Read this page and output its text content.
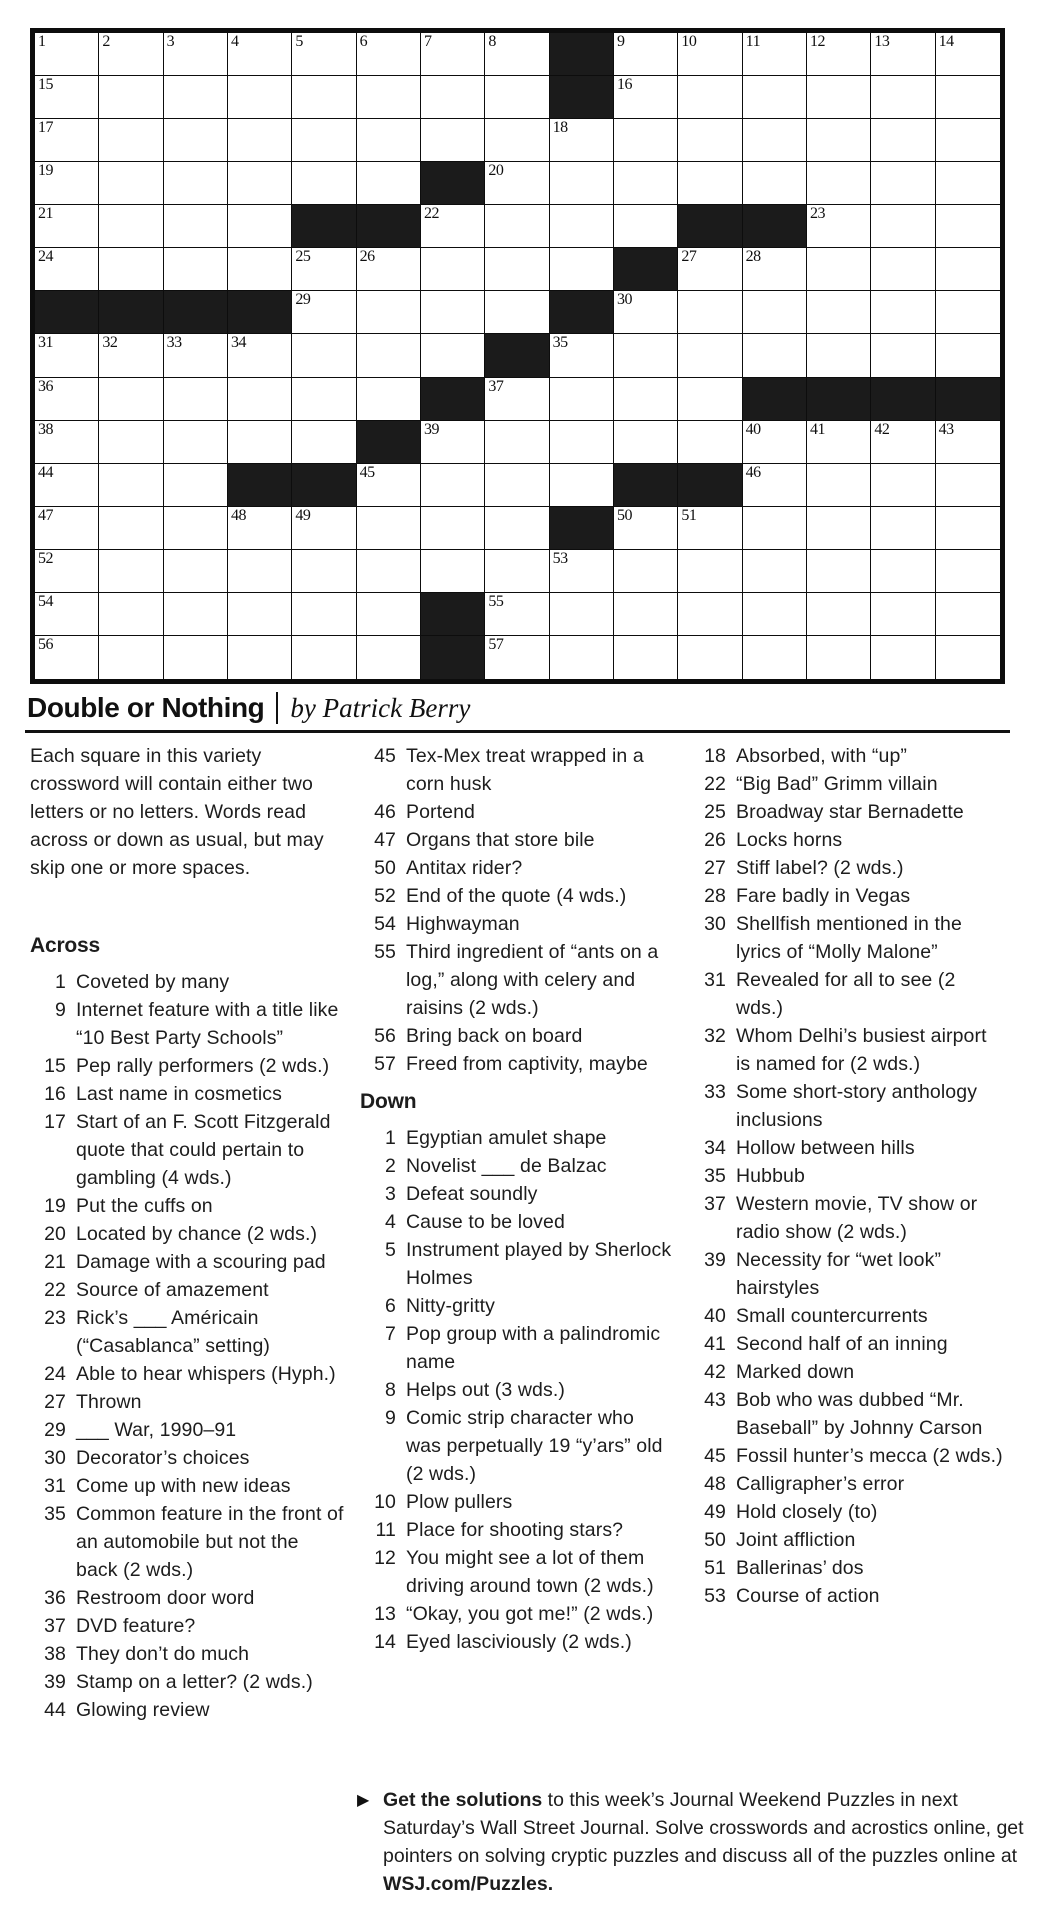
1	2	3	4	5	6	7	8	9	10	11	12	13	14
15	16
17	18
19	20
21	22	23
24	25	26	27	28
29	30
31	32	33	34	35
36	37
38	39	40	41	42	43
44	45	46
47	48	49	50	51
52	53
54	55
56	57
Double or Nothing by Patrick Berry

Each square in this variety crossword will contain either two letters or no letters. Words read across or down as usual, but may skip one or more spaces.

Across
1 Coveted by many
9 Internet feature with a title like “10 Best Party Schools”
15 Pep rally performers (2 wds.)
16 Last name in cosmetics
17 Start of an F. Scott Fitzgerald quote that could pertain to gambling (4 wds.)
19 Put the cuffs on
20 Located by chance (2 wds.)
21 Damage with a scouring pad
22 Source of amazement
23 Rick’s ___ Américain (“Casablanca” setting)
24 Able to hear whispers (Hyph.)
27 Thrown
29 ___ War, 1990–91
30 Decorator’s choices
31 Come up with new ideas
35 Common feature in the front of an automobile but not the back (2 wds.)
36 Restroom door word
37 DVD feature?
38 They don’t do much
39 Stamp on a letter? (2 wds.)
44 Glowing review
45 Tex-Mex treat wrapped in a corn husk
46 Portend
47 Organs that store bile
50 Antitax rider?
52 End of the quote (4 wds.)
54 Highwayman
55 Third ingredient of “ants on a log,” along with celery and raisins (2 wds.)
56 Bring back on board
57 Freed from captivity, maybe
Down
1 Egyptian amulet shape
2 Novelist ___ de Balzac
3 Defeat soundly
4 Cause to be loved
5 Instrument played by Sherlock Holmes
6 Nitty-gritty
7 Pop group with a palindromic name
8 Helps out (3 wds.)
9 Comic strip character who was perpetually 19 “y’ars” old (2 wds.)
10 Plow pullers
11 Place for shooting stars?
12 You might see a lot of them driving around town (2 wds.)
13 “Okay, you got me!” (2 wds.)
14 Eyed lasciviously (2 wds.)
18 Absorbed, with “up”
22 “Big Bad” Grimm villain
25 Broadway star Bernadette
26 Locks horns
27 Stiff label? (2 wds.)
28 Fare badly in Vegas
30 Shellfish mentioned in the lyrics of “Molly Malone”
31 Revealed for all to see (2 wds.)
32 Whom Delhi’s busiest airport is named for (2 wds.)
33 Some short-story anthology inclusions
34 Hollow between hills
35 Hubbub
37 Western movie, TV show or radio show (2 wds.)
39 Necessity for “wet look” hairstyles
40 Small countercurrents
41 Second half of an inning
42 Marked down
43 Bob who was dubbed “Mr. Baseball” by Johnny Carson
45 Fossil hunter’s mecca (2 wds.)
48 Calligrapher’s error
49 Hold closely (to)
50 Joint affliction
51 Ballerinas’ dos
53 Course of action
▶ Get the solutions to this week’s Journal Weekend Puzzles in next Saturday’s Wall Street Journal. Solve crosswords and acrostics online, get pointers on solving cryptic puzzles and discuss all of the puzzles online at WSJ.com/Puzzles.
